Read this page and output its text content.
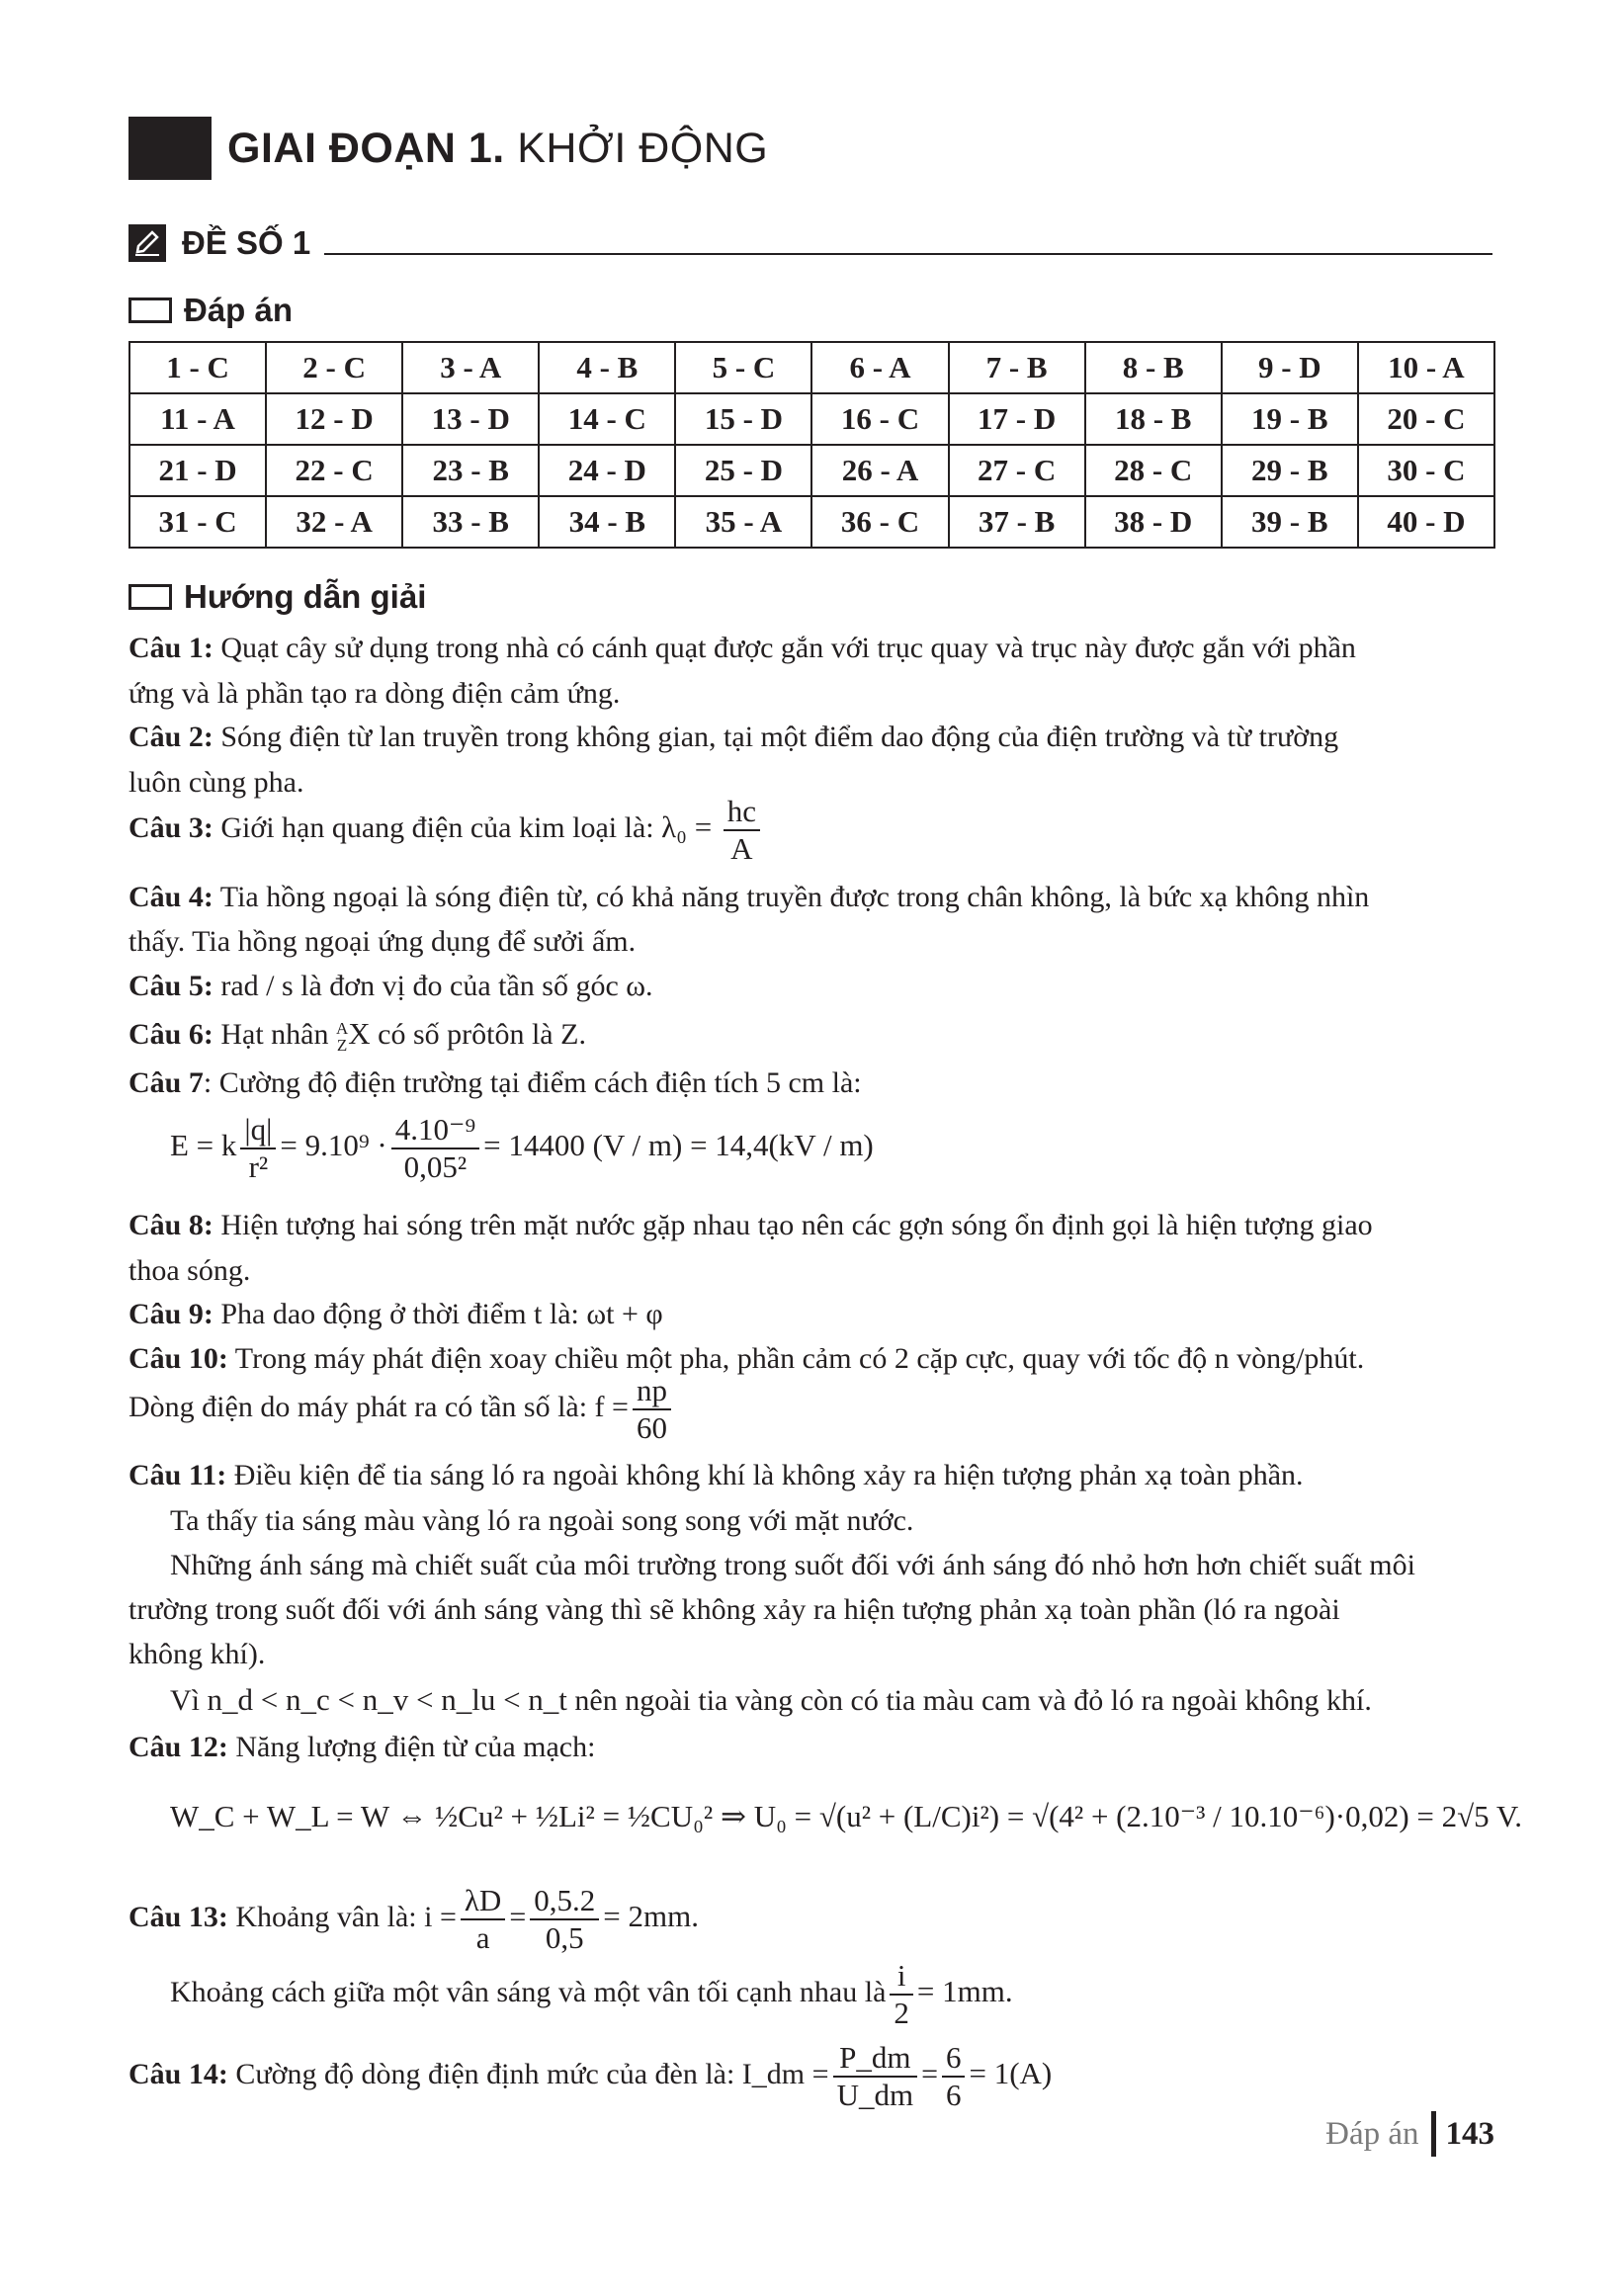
GIAI ĐOẠN 1. KHỞI ĐỘNG
ĐỀ SỐ 1
Đáp án
1 - C	2 - C	3 - A	4 - B	5 - C	6 - A	7 - B	8 - B	9 - D	10 - A
11 - A	12 - D	13 - D	14 - C	15 - D	16 - C	17 - D	18 - B	19 - B	20 - C
21 - D	22 - C	23 - B	24 - D	25 - D	26 - A	27 - C	28 - C	29 - B	30 - C
31 - C	32 - A	33 - B	34 - B	35 - A	36 - C	37 - B	38 - D	39 - B	40 - D
Hướng dẫn giải
Câu 1: Quạt cây sử dụng trong nhà có cánh quạt được gắn với trục quay và trục này được gắn với phần
ứng và là phần tạo ra dòng điện cảm ứng.
Câu 2: Sóng điện từ lan truyền trong không gian, tại một điểm dao động của điện trường và từ trường
luôn cùng pha.
Câu 3: Giới hạn quang điện của kim loại là: $\lambda_0 = \frac{hc}{A}$
Câu 4: Tia hồng ngoại là sóng điện từ, có khả năng truyền được trong chân không, là bức xạ không nhìn
thấy. Tia hồng ngoại ứng dụng để sưởi ấm.
Câu 5: rad / s là đơn vị đo của tần số góc ω.
Câu 6: Hạt nhân A
Z X có số prôtôn là Z.
Câu 7: Cường độ điện trường tại điểm cách điện tích 5 cm là:
E = k $\frac{|q|}{\text{r²}} = 9.10^9 \cdot \frac{\text{4.10⁻⁹}}{\text{0,05²}} = 14400$ (V / m) = 14,4(kV / m)
Câu 8: Hiện tượng hai sóng trên mặt nước gặp nhau tạo nên các gợn sóng ổn định gọi là hiện tượng giao
thoa sóng.
Câu 9: Pha dao động ở thời điểm t là: ωt + φ
Câu 10: Trong máy phát điện xoay chiều một pha, phần cảm có 2 cặp cực, quay với tốc độ n vòng/phút.
Dòng điện do máy phát ra có tần số là: $f = \frac{np}{60}$
Câu 11: Điều kiện để tia sáng ló ra ngoài không khí là không xảy ra hiện tượng phản xạ toàn phần.
Ta thấy tia sáng màu vàng ló ra ngoài song song với mặt nước.
Những ánh sáng mà chiết suất của môi trường trong suốt đối với ánh sáng đó nhỏ hơn hơn chiết suất môi
trường trong suốt đối với ánh sáng vàng thì sẽ không xảy ra hiện tượng phản xạ toàn phần (ló ra ngoài
không khí).
Vì n_d < n_c < n_v < n_lu < n_t nên ngoài tia vàng còn có tia màu cam và đỏ ló ra ngoài không khí.
Câu 12: Năng lượng điện từ của mạch:
W_C + W_L = W ⇔ ½Cu² + ½Li² = ½CU₀² ⇒ U₀ = √(u² + (L/C)i²) = √(4² + (2.10⁻³ / 10.10⁻⁶)·0,02) = 2√5 V.
Câu 13: Khoảng vân là: $i = \frac{\lambda D}{a} = \frac{0,5.2}{0,5} = 2mm$.
Khoảng cách giữa một vân sáng và một vân tối cạnh nhau là $\frac{i}{2} = 1mm$.
Câu 14: Cường độ dòng điện định mức của đèn là: I_dm = $\frac{P\_dm}{U\_dm} = \frac{6}{6} = 1(A)$
Đáp án 143
